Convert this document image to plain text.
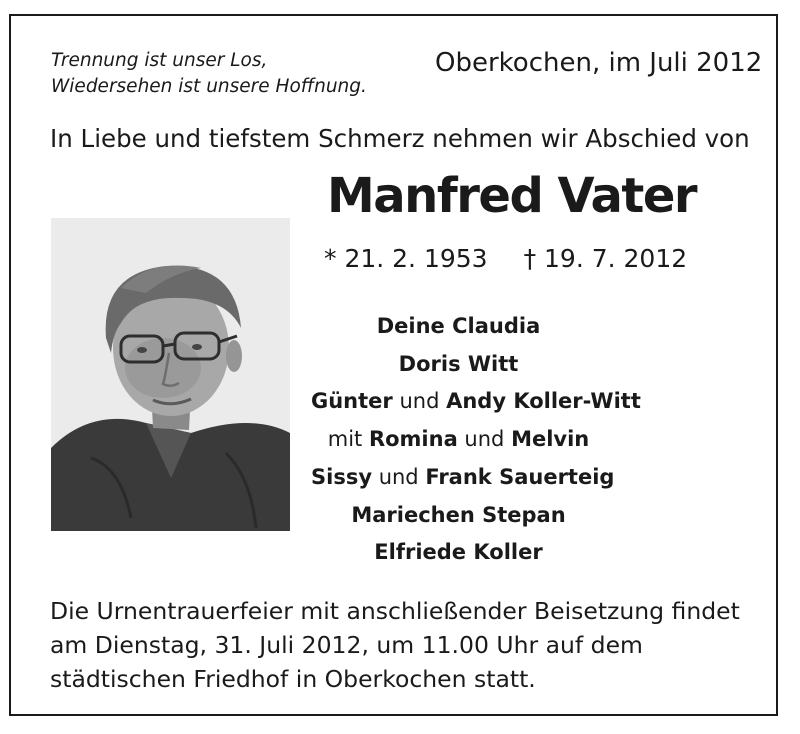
Trennung ist unser Los,
Wiedersehen ist unsere Hoffnung.
Oberkochen, im Juli 2012
In Liebe und tiefstem Schmerz nehmen wir Abschied von
Manfred Vater
* 21. 2. 1953 † 19. 7. 2012
Deine Claudia
Doris Witt
Günter und Andy Koller-Witt
mit Romina und Melvin
Sissy und Frank Sauerteig
Mariechen Stepan
Elfriede Koller
Die Urnentrauerfeier mit anschließender Beisetzung findet
am Dienstag, 31. Juli 2012, um 11.00 Uhr auf dem
städtischen Friedhof in Oberkochen statt.
